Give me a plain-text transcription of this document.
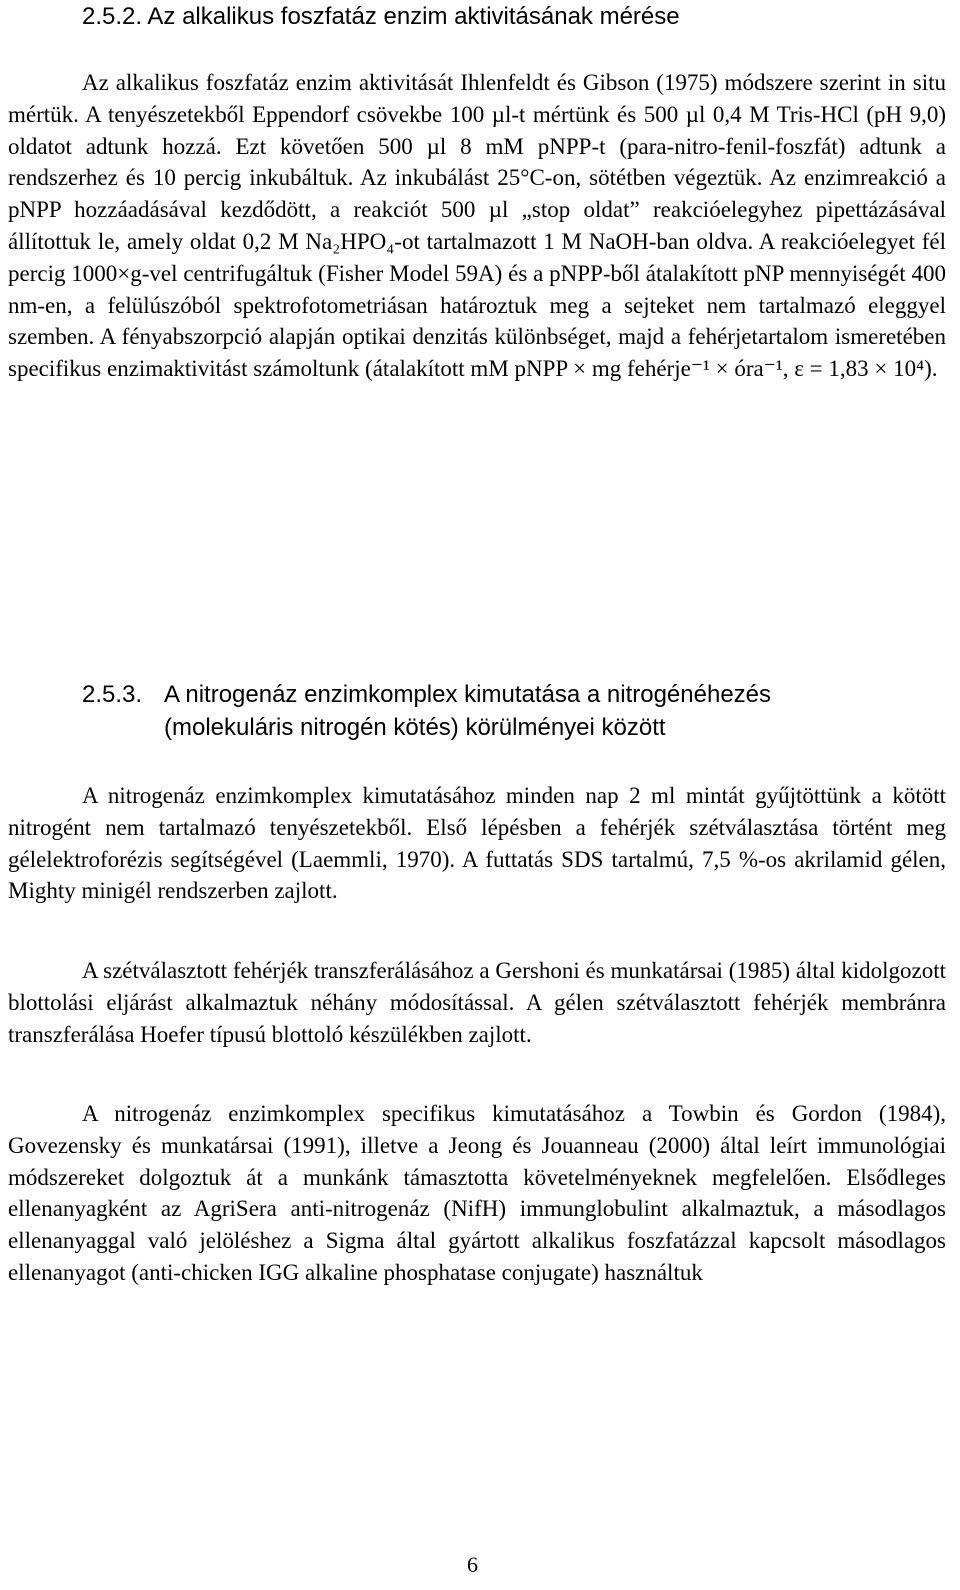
2.5.2. Az alkalikus foszfatáz enzim aktivitásának mérése

Az alkalikus foszfatáz enzim aktivitását Ihlenfeldt és Gibson (1975) módszere szerint in situ mértük. A tenyészetekből Eppendorf csövekbe 100 µl-t mértünk és 500 µl 0,4 M Tris-HCl (pH 9,0) oldatot adtunk hozzá. Ezt követően 500 µl 8 mM pNPP-t (para-nitro-fenil-foszfát) adtunk a rendszerhez és 10 percig inkubáltuk. Az inkubálást 25°C-on, sötétben végeztük. Az enzimreakció a pNPP hozzáadásával kezdődött, a reakciót 500 µl „stop oldat” reakcióelegyhez pipettázásával állítottuk le, amely oldat 0,2 M Na₂HPO₄-ot tartalmazott 1 M NaOH-ban oldva. A reakcióelegyet fél percig 1000×g-vel centrifugáltuk (Fisher Model 59A) és a pNPP-ből átalakított pNP mennyiségét 400 nm-en, a felülúszóból spektrofotometriásan határoztuk meg a sejteket nem tartalmazó eleggyel szemben. A fényabszorpció alapján optikai denzitás különbséget, majd a fehérjetartalom ismeretében specifikus enzimaktivitást számoltunk (átalakított mM pNPP × mg fehérje⁻¹ × óra⁻¹, ε = 1,83 × 10⁴).

2.5.3. A nitrogenáz enzimkomplex kimutatása a nitrogénéhezés
(molekuláris nitrogén kötés) körülményei között

A nitrogenáz enzimkomplex kimutatásához minden nap 2 ml mintát gyűjtöttünk a kötött nitrogént nem tartalmazó tenyészetekből. Első lépésben a fehérjék szétválasztása történt meg gélelektroforézis segítségével (Laemmli, 1970). A futtatás SDS tartalmú, 7,5 %-os akrilamid gélen, Mighty minigél rendszerben zajlott.

A szétválasztott fehérjék transzferálásához a Gershoni és munkatársai (1985) által kidolgozott blottolási eljárást alkalmaztuk néhány módosítással. A gélen szétválasztott fehérjék membránra transzferálása Hoefer típusú blottoló készülékben zajlott.

A nitrogenáz enzimkomplex specifikus kimutatásához a Towbin és Gordon (1984), Govezensky és munkatársai (1991), illetve a Jeong és Jouanneau (2000) által leírt immunológiai módszereket dolgoztuk át a munkánk támasztotta követelményeknek megfelelően. Elsődleges ellenanyagként az AgriSera anti-nitrogenáz (NifH) immunglobulint alkalmaztuk, a másodlagos ellenanyaggal való jelöléshez a Sigma által gyártott alkalikus foszfatázzal kapcsolt másodlagos ellenanyagot (anti-chicken IGG alkaline phosphatase conjugate) használtuk

6
